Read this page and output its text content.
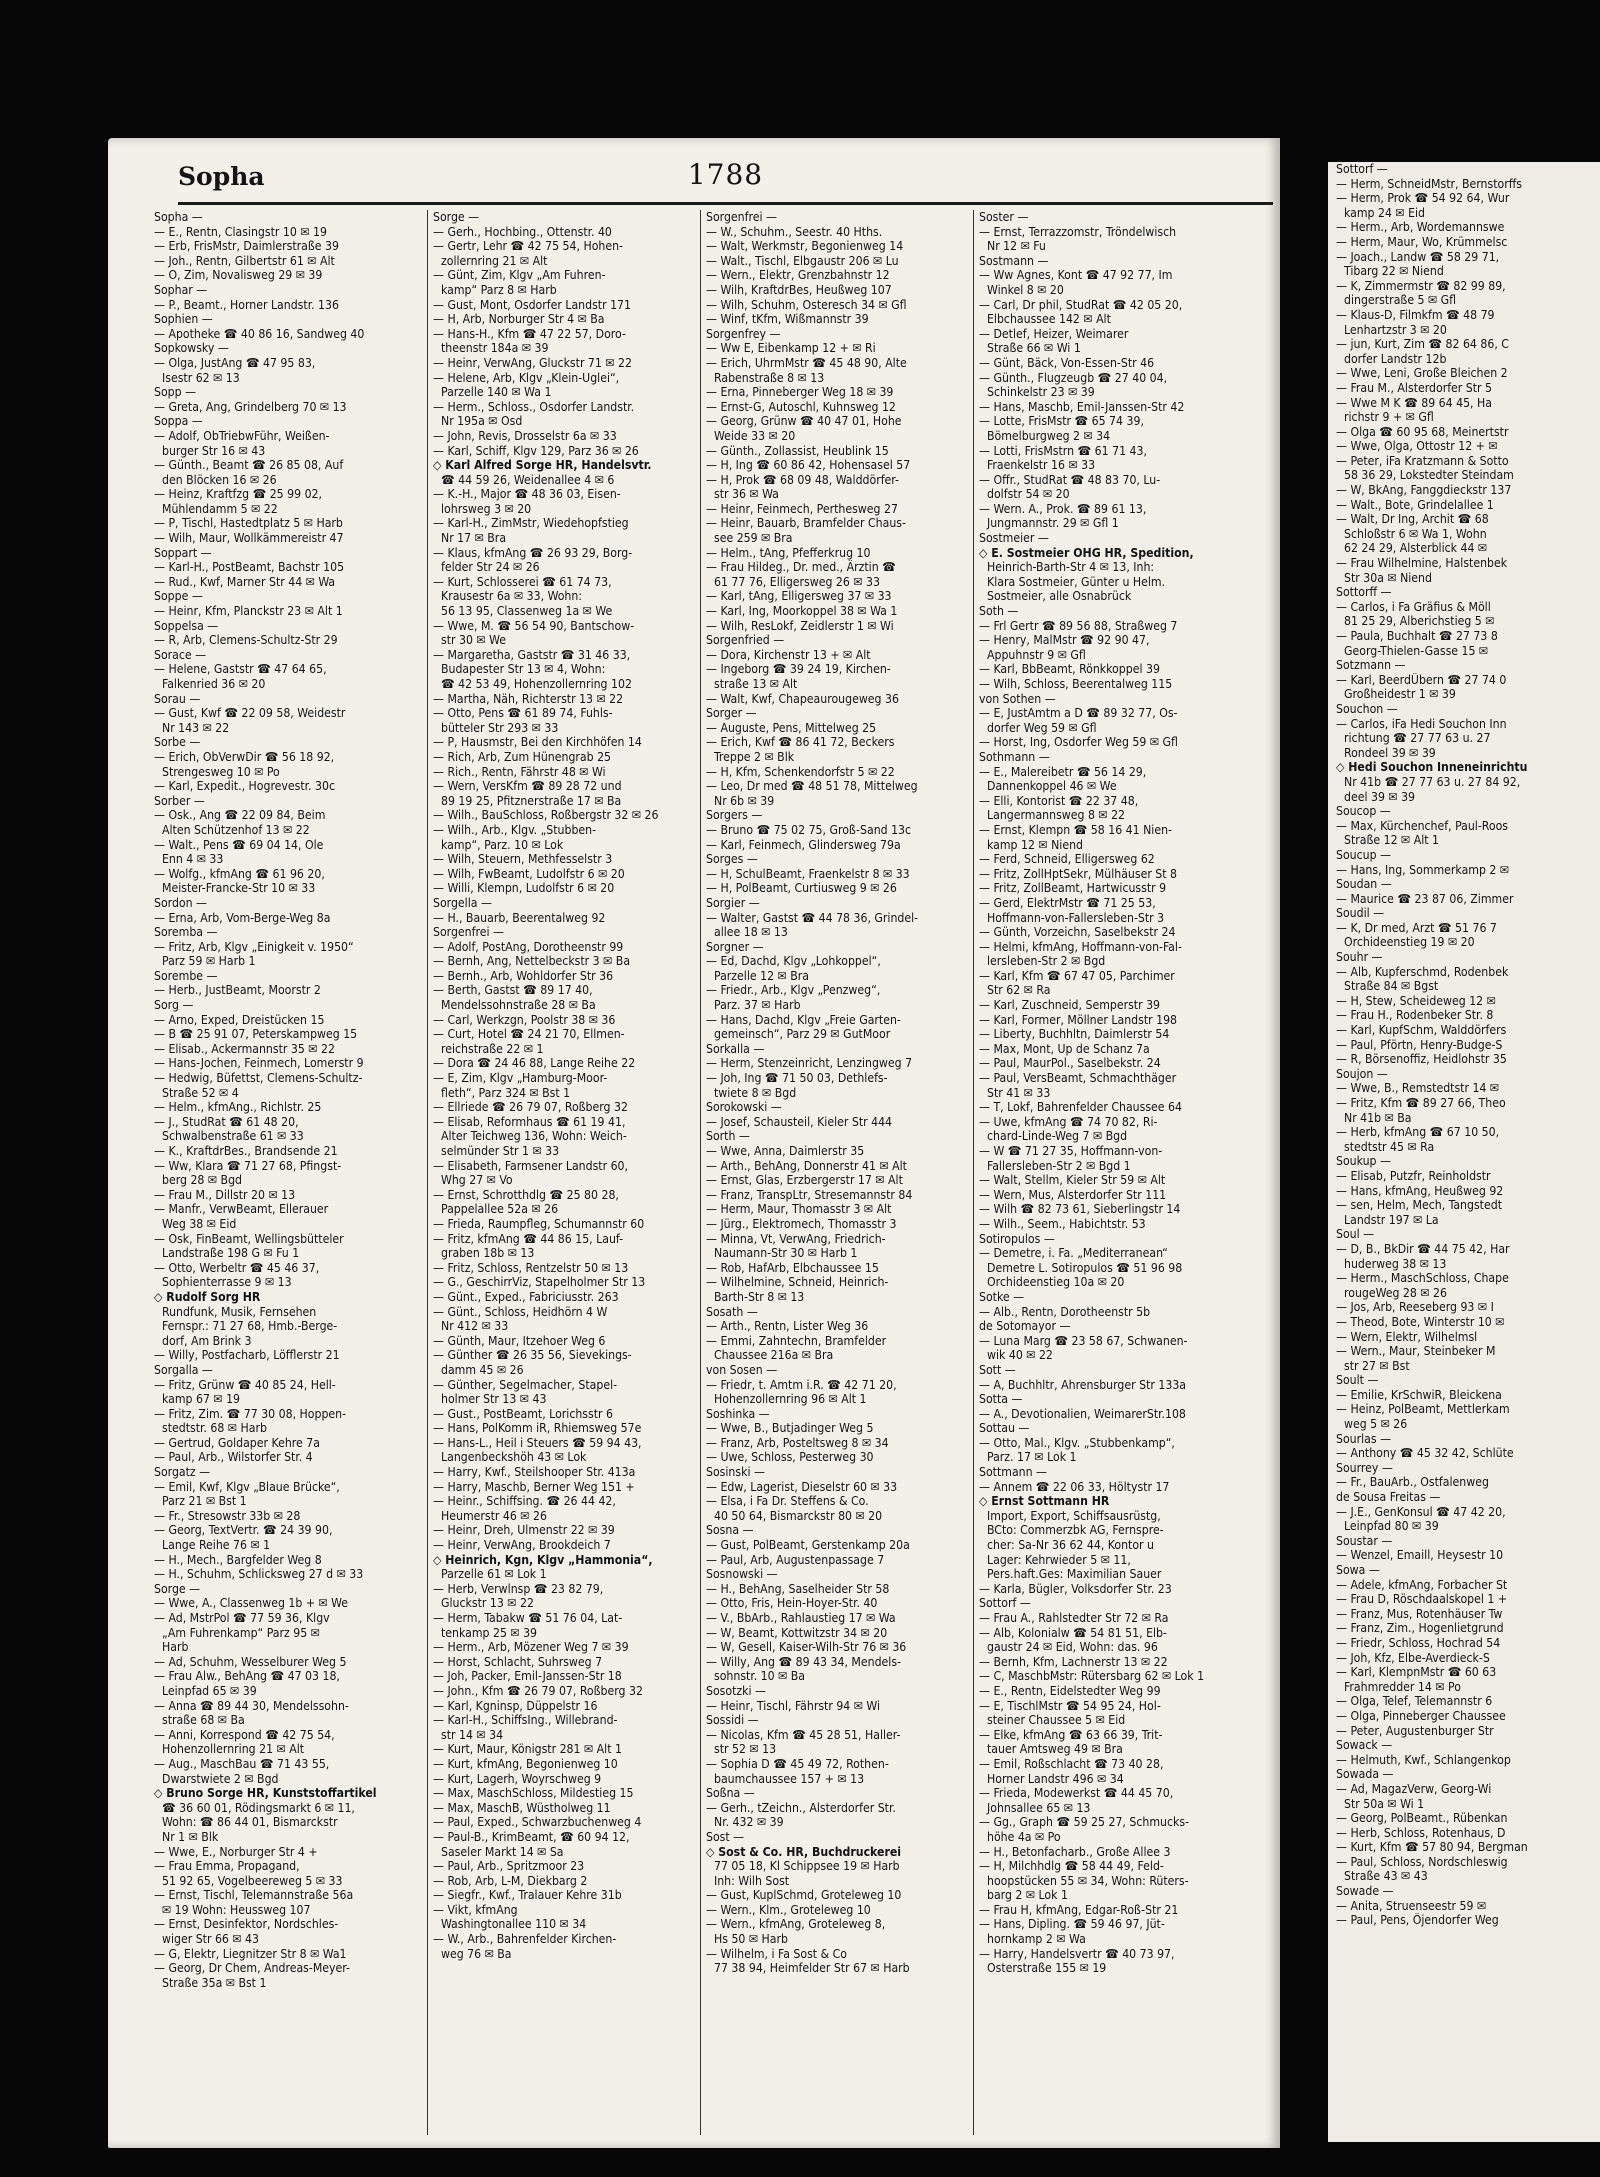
Sopha	1788
Sopha —
— E., Rentn, Clasingstr 10 ✉ 19
— Erb, FrisMstr, Daimlerstraße 39
— Joh., Rentn, Gilbertstr 61 ✉ Alt
— O, Zim, Novalisweg 29 ✉ 39
Sophar —
— P., Beamt., Horner Landstr. 136
Sophien —
— Apotheke ☎ 40 86 16, Sandweg 40
Sopkowsky —
— Olga, JustAng ☎ 47 95 83,
Isestr 62 ✉ 13
Sopp —
— Greta, Ang, Grindelberg 70 ✉ 13
Soppa —
— Adolf, ObTriebwFühr, Weißen-
burger Str 16 ✉ 43
— Günth., Beamt ☎ 26 85 08, Auf
den Blöcken 16 ✉ 26
— Heinz, Kraftfzg ☎ 25 99 02,
Mühlendamm 5 ✉ 22
— P, Tischl, Hastedtplatz 5 ✉ Harb
— Wilh, Maur, Wollkämmereistr 47
Soppart —
— Karl-H., PostBeamt, Bachstr 105
— Rud., Kwf, Marner Str 44 ✉ Wa
Soppe —
— Heinr, Kfm, Planckstr 23 ✉ Alt 1
Soppelsa —
— R, Arb, Clemens-Schultz-Str 29
Sorace —
— Helene, Gaststr ☎ 47 64 65,
Falkenried 36 ✉ 20
Sorau —
— Gust, Kwf ☎ 22 09 58, Weidestr
Nr 143 ✉ 22
Sorbe —
— Erich, ObVerwDir ☎ 56 18 92,
Strengesweg 10 ✉ Po
— Karl, Expedit., Hogrevestr. 30c
Sorber —
— Osk., Ang ☎ 22 09 84, Beim
Alten Schützenhof 13 ✉ 22
— Walt., Pens ☎ 69 04 14, Ole
Enn 4 ✉ 33
— Wolfg., kfmAng ☎ 61 96 20,
Meister-Francke-Str 10 ✉ 33
Sordon —
— Erna, Arb, Vom-Berge-Weg 8a
Soremba —
— Fritz, Arb, Klgv „Einigkeit v. 1950“
Parz 59 ✉ Harb 1
Sorembe —
— Herb., JustBeamt, Moorstr 2
Sorg —
— Arno, Exped, Dreistücken 15
— B ☎ 25 91 07, Peterskampweg 15
— Elisab., Ackermannstr 35 ✉ 22
— Hans-Jochen, Feinmech, Lomerstr 9
— Hedwig, Büfettst, Clemens-Schultz-
Straße 52 ✉ 4
— Helm., kfmAng., Richlstr. 25
— J., StudRat ☎ 61 48 20,
Schwalbenstraße 61 ✉ 33
— K., KraftdrBes., Brandsende 21
— Ww, Klara ☎ 71 27 68, Pfingst-
berg 28 ✉ Bgd
— Frau M., Dillstr 20 ✉ 13
— Manfr., VerwBeamt, Ellerauer
Weg 38 ✉ Eid
— Osk, FinBeamt, Wellingsbütteler
Landstraße 198 G ✉ Fu 1
— Otto, Werbeltr ☎ 45 46 37,
Sophienterrasse 9 ✉ 13
◇ Rudolf Sorg HR
Rundfunk, Musik, Fernsehen
Fernspr.: 71 27 68, Hmb.-Berge-
dorf, Am Brink 3
— Willy, Postfacharb, Löfflerstr 21
Sorgalla —
— Fritz, Grünw ☎ 40 85 24, Hell-
kamp 67 ✉ 19
— Fritz, Zim. ☎ 77 30 08, Hoppen-
stedtstr. 68 ✉ Harb
— Gertrud, Goldaper Kehre 7a
— Paul, Arb., Wilstorfer Str. 4
Sorgatz —
— Emil, Kwf, Klgv „Blaue Brücke“,
Parz 21 ✉ Bst 1
— Fr., Stresowstr 33b ✉ 28
— Georg, TextVertr. ☎ 24 39 90,
Lange Reihe 76 ✉ 1
— H., Mech., Bargfelder Weg 8
— H., Schuhm, Schlicksweg 27 d ✉ 33
Sorge —
— Wwe, A., Classenweg 1b + ✉ We
— Ad, MstrPol ☎ 77 59 36, Klgv
„Am Fuhrenkamp“ Parz 95 ✉
Harb
— Ad, Schuhm, Wesselburer Weg 5
— Frau Alw., BehAng ☎ 47 03 18,
Leinpfad 65 ✉ 39
— Anna ☎ 89 44 30, Mendelssohn-
straße 68 ✉ Ba
— Anni, Korrespond ☎ 42 75 54,
Hohenzollernring 21 ✉ Alt
— Aug., MaschBau ☎ 71 43 55,
Dwarstwiete 2 ✉ Bgd
◇ Bruno Sorge HR, Kunststoffartikel
☎ 36 60 01, Rödingsmarkt 6 ✉ 11,
Wohn: ☎ 86 44 01, Bismarckstr
Nr 1 ✉ Blk
— Wwe, E., Norburger Str 4 +
— Frau Emma, Propagand,
51 92 65, Vogelbeereweg 5 ✉ 33
— Ernst, Tischl, Telemannstraße 56a
✉ 19 Wohn: Heussweg 107
— Ernst, Desinfektor, Nordschles-
wiger Str 66 ✉ 43
— G, Elektr, Liegnitzer Str 8 ✉ Wa1
— Georg, Dr Chem, Andreas-Meyer-
Straße 35a ✉ Bst 1
Sorge —
— Gerh., Hochbing., Ottenstr. 40
— Gertr, Lehr ☎ 42 75 54, Hohen-
zollernring 21 ✉ Alt
— Günt, Zim, Klgv „Am Fuhren-
kamp“ Parz 8 ✉ Harb
— Gust, Mont, Osdorfer Landstr 171
— H, Arb, Norburger Str 4 ✉ Ba
— Hans-H., Kfm ☎ 47 22 57, Doro-
theenstr 184a ✉ 39
— Heinr, VerwAng, Gluckstr 71 ✉ 22
— Helene, Arb, Klgv „Klein-Uglei“,
Parzelle 140 ✉ Wa 1
— Herm., Schloss., Osdorfer Landstr.
Nr 195a ✉ Osd
— John, Revis, Drosselstr 6a ✉ 33
— Karl, Schiff, Klgv 129, Parz 36 ✉ 26
◇ Karl Alfred Sorge HR, Handelsvtr.
☎ 44 59 26, Weidenallee 4 ✉ 6
— K.-H., Major ☎ 48 36 03, Eisen-
lohrsweg 3 ✉ 20
— Karl-H., ZimMstr, Wiedehopfstieg
Nr 17 ✉ Bra
— Klaus, kfmAng ☎ 26 93 29, Borg-
felder Str 24 ✉ 26
— Kurt, Schlosserei ☎ 61 74 73,
Krausestr 6a ✉ 33, Wohn:
56 13 95, Classenweg 1a ✉ We
— Wwe, M. ☎ 56 54 90, Bantschow-
str 30 ✉ We
— Margaretha, Gaststr ☎ 31 46 33,
Budapester Str 13 ✉ 4, Wohn:
☎ 42 53 49, Hohenzollernring 102
— Martha, Näh, Richterstr 13 ✉ 22
— Otto, Pens ☎ 61 89 74, Fuhls-
bütteler Str 293 ✉ 33
— P, Hausmstr, Bei den Kirchhöfen 14
— Rich, Arb, Zum Hünengrab 25
— Rich., Rentn, Fährstr 48 ✉ Wi
— Wern, VersKfm ☎ 89 28 72 und
89 19 25, Pfitznerstraße 17 ✉ Ba
— Wilh., BauSchloss, Roßbergstr 32 ✉ 26
— Wilh., Arb., Klgv. „Stubben-
kamp“, Parz. 10 ✉ Lok
— Wilh, Steuern, Methfesselstr 3
— Wilh, FwBeamt, Ludolfstr 6 ✉ 20
— Willi, Klempn, Ludolfstr 6 ✉ 20
Sorgella —
— H., Bauarb, Beerentalweg 92
Sorgenfrei —
— Adolf, PostAng, Dorotheenstr 99
— Bernh, Ang, Nettelbeckstr 3 ✉ Ba
— Bernh., Arb, Wohldorfer Str 36
— Berth, Gastst ☎ 89 17 40,
Mendelssohnstraße 28 ✉ Ba
— Carl, Werkzgn, Poolstr 38 ✉ 36
— Curt, Hotel ☎ 24 21 70, Ellmen-
reichstraße 22 ✉ 1
— Dora ☎ 24 46 88, Lange Reihe 22
— E, Zim, Klgv „Hamburg-Moor-
fleth“, Parz 324 ✉ Bst 1
— Ellriede ☎ 26 79 07, Roßberg 32
— Elisab, Reformhaus ☎ 61 19 41,
Alter Teichweg 136, Wohn: Weich-
selmünder Str 1 ✉ 33
— Elisabeth, Farmsener Landstr 60,
Whg 27 ✉ Vo
— Ernst, Schrotthdlg ☎ 25 80 28,
Pappelallee 52a ✉ 26
— Frieda, Raumpfleg, Schumannstr 60
— Fritz, kfmAng ☎ 44 86 15, Lauf-
graben 18b ✉ 13
— Fritz, Schloss, Rentzelstr 50 ✉ 13
— G., GeschirrViz, Stapelholmer Str 13
— Günt., Exped., Fabriciusstr. 263
— Günt., Schloss, Heidhörn 4 W
Nr 412 ✉ 33
— Günth, Maur, Itzehoer Weg 6
— Günther ☎ 26 35 56, Sievekings-
damm 45 ✉ 26
— Günther, Segelmacher, Stapel-
holmer Str 13 ✉ 43
— Gust., PostBeamt, Lorichsstr 6
— Hans, PolKomm iR, Rhiemsweg 57e
— Hans-L., Heil i Steuers ☎ 59 94 43,
Langenbeckshöh 43 ✉ Lok
— Harry, Kwf., Steilshooper Str. 413a
— Harry, Maschb, Berner Weg 151 +
— Heinr., Schiffsing. ☎ 26 44 42,
Heumerstr 46 ✉ 26
— Heinr, Dreh, Ulmenstr 22 ✉ 39
— Heinr, VerwAng, Brookdeich 7
◇ Heinrich, Kgn, Klgv „Hammonia“,
Parzelle 61 ✉ Lok 1
— Herb, Verwlnsp ☎ 23 82 79,
Gluckstr 13 ✉ 22
— Herm, Tabakw ☎ 51 76 04, Lat-
tenkamp 25 ✉ 39
— Herm., Arb, Mözener Weg 7 ✉ 39
— Horst, Schlacht, Suhrsweg 7
— Joh, Packer, Emil-Janssen-Str 18
— John., Kfm ☎ 26 79 07, Roßberg 32
— Karl, Kgninsp, Düppelstr 16
— Karl-H., SchiffsIng., Willebrand-
str 14 ✉ 34
— Kurt, Maur, Königstr 281 ✉ Alt 1
— Kurt, kfmAng, Begonienweg 10
— Kurt, Lagerh, Woyrschweg 9
— Max, MaschSchloss, Mildestieg 15
— Max, MaschB, Wüstholweg 11
— Paul, Exped., Schwarzbuchenweg 4
— Paul-B., KrimBeamt, ☎ 60 94 12,
Saseler Markt 14 ✉ Sa
— Paul, Arb., Spritzmoor 23
— Rob, Arb, L-M, Diekbarg 2
— Siegfr., Kwf., Tralauer Kehre 31b
— Vikt, kfmAng
Washingtonallee 110 ✉ 34
— W., Arb., Bahrenfelder Kirchen-
weg 76 ✉ Ba
Sorgenfrei —
— W., Schuhm., Seestr. 40 Hths.
— Walt, Werkmstr, Begonienweg 14
— Walt., Tischl, Elbgaustr 206 ✉ Lu
— Wern., Elektr, Grenzbahnstr 12
— Wilh, KraftdrBes, Heußweg 107
— Wilh, Schuhm, Osteresch 34 ✉ Gfl
— Winf, tKfm, Wißmannstr 39
Sorgenfrey —
— Ww E, Eibenkamp 12 + ✉ Ri
— Erich, UhrmMstr ☎ 45 48 90, Alte
Rabenstraße 8 ✉ 13
— Erna, Pinneberger Weg 18 ✉ 39
— Ernst-G, Autoschl, Kuhnsweg 12
— Georg, Grünw ☎ 40 47 01, Hohe
Weide 33 ✉ 20
— Günth., Zollassist, Heublink 15
— H, Ing ☎ 60 86 42, Hohensasel 57
— H, Prok ☎ 68 09 48, Walddörfer-
str 36 ✉ Wa
— Heinr, Feinmech, Perthesweg 27
— Heinr, Bauarb, Bramfelder Chaus-
see 259 ✉ Bra
— Helm., tAng, Pfefferkrug 10
— Frau Hildeg., Dr. med., Ärztin ☎
61 77 76, Elligersweg 26 ✉ 33
— Karl, tAng, Elligersweg 37 ✉ 33
— Karl, Ing, Moorkoppel 38 ✉ Wa 1
— Wilh, ResLokf, Zeidlerstr 1 ✉ Wi
Sorgenfried —
— Dora, Kirchenstr 13 + ✉ Alt
— Ingeborg ☎ 39 24 19, Kirchen-
straße 13 ✉ Alt
— Walt, Kwf, Chapeaurougeweg 36
Sorger —
— Auguste, Pens, Mittelweg 25
— Erich, Kwf ☎ 86 41 72, Beckers
Treppe 2 ✉ Blk
— H, Kfm, Schenkendorfstr 5 ✉ 22
— Leo, Dr med ☎ 48 51 78, Mittelweg
Nr 6b ✉ 39
Sorgers —
— Bruno ☎ 75 02 75, Groß-Sand 13c
— Karl, Feinmech, Glindersweg 79a
Sorges —
— H, SchulBeamt, Fraenkelstr 8 ✉ 33
— H, PolBeamt, Curtiusweg 9 ✉ 26
Sorgier —
— Walter, Gastst ☎ 44 78 36, Grindel-
allee 18 ✉ 13
Sorgner —
— Ed, Dachd, Klgv „Lohkoppel“,
Parzelle 12 ✉ Bra
— Friedr., Arb., Klgv „Penzweg“,
Parz. 37 ✉ Harb
— Hans, Dachd, Klgv „Freie Garten-
gemeinsch“, Parz 29 ✉ GutMoor
Sorkalla —
— Herm, Stenzeinricht, Lenzingweg 7
— Joh, Ing ☎ 71 50 03, Dethlefs-
twiete 8 ✉ Bgd
Sorokowski —
— Josef, Schausteil, Kieler Str 444
Sorth —
— Wwe, Anna, Daimlerstr 35
— Arth., BehAng, Donnerstr 41 ✉ Alt
— Ernst, Glas, Erzbergerstr 17 ✉ Alt
— Franz, TranspLtr, Stresemannstr 84
— Herm, Maur, Thomasstr 3 ✉ Alt
— Jürg., Elektromech, Thomasstr 3
— Minna, Vt, VerwAng, Friedrich-
Naumann-Str 30 ✉ Harb 1
— Rob, HafArb, Elbchaussee 15
— Wilhelmine, Schneid, Heinrich-
Barth-Str 8 ✉ 13
Sosath —
— Arth., Rentn, Lister Weg 36
— Emmi, Zahntechn, Bramfelder
Chaussee 216a ✉ Bra
von Sosen —
— Friedr, t. Amtm i.R. ☎ 42 71 20,
Hohenzollernring 96 ✉ Alt 1
Soshinka —
— Wwe, B., Butjadinger Weg 5
— Franz, Arb, Posteltsweg 8 ✉ 34
— Uwe, Schloss, Pesterweg 30
Sosinski —
— Edw, Lagerist, Dieselstr 60 ✉ 33
— Elsa, i Fa Dr. Steffens & Co.
40 50 64, Bismarckstr 80 ✉ 20
Sosna —
— Gust, PolBeamt, Gerstenkamp 20a
— Paul, Arb, Augustenpassage 7
Sosnowski —
— H., BehAng, Saselheider Str 58
— Otto, Fris, Hein-Hoyer-Str. 40
— V., BbArb., Rahlaustieg 17 ✉ Wa
— W, Beamt, Kottwitzstr 34 ✉ 20
— W, Gesell, Kaiser-Wilh-Str 76 ✉ 36
— Willy, Ang ☎ 89 43 34, Mendels-
sohnstr. 10 ✉ Ba
Sosotzki —
— Heinr, Tischl, Fährstr 94 ✉ Wi
Sossidi —
— Nicolas, Kfm ☎ 45 28 51, Haller-
str 52 ✉ 13
— Sophia D ☎ 45 49 72, Rothen-
baumchaussee 157 + ✉ 13
Soßna —
— Gerh., tZeichn., Alsterdorfer Str.
Nr. 432 ✉ 39
Sost —
◇ Sost & Co. HR, Buchdruckerei
77 05 18, Kl Schippsee 19 ✉ Harb
Inh: Wilh Sost
— Gust, KuplSchmd, Groteleweg 10
— Wern., Klm., Groteleweg 10
— Wern., kfmAng, Groteleweg 8,
Hs 50 ✉ Harb
— Wilhelm, i Fa Sost & Co
77 38 94, Heimfelder Str 67 ✉ Harb
Soster —
— Ernst, Terrazzomstr, Tröndelwisch
Nr 12 ✉ Fu
Sostmann —
— Ww Agnes, Kont ☎ 47 92 77, Im
Winkel 8 ✉ 20
— Carl, Dr phil, StudRat ☎ 42 05 20,
Elbchaussee 142 ✉ Alt
— Detlef, Heizer, Weimarer
Straße 66 ✉ Wi 1
— Günt, Bäck, Von-Essen-Str 46
— Günth., Flugzeugb ☎ 27 40 04,
Schinkelstr 23 ✉ 39
— Hans, Maschb, Emil-Janssen-Str 42
— Lotte, FrisMstr ☎ 65 74 39,
Bömelburgweg 2 ✉ 34
— Lotti, FrisMstrn ☎ 61 71 43,
Fraenkelstr 16 ✉ 33
— Offr., StudRat ☎ 48 83 70, Lu-
dolfstr 54 ✉ 20
— Wern. A., Prok. ☎ 89 61 13,
Jungmannstr. 29 ✉ Gfl 1
Sostmeier —
◇ E. Sostmeier OHG HR, Spedition,
Heinrich-Barth-Str 4 ✉ 13, Inh:
Klara Sostmeier, Günter u Helm.
Sostmeier, alle Osnabrück
Soth —
— Frl Gertr ☎ 89 56 88, Straßweg 7
— Henry, MalMstr ☎ 92 90 47,
Appuhnstr 9 ✉ Gfl
— Karl, BbBeamt, Rönkkoppel 39
— Wilh, Schloss, Beerentalweg 115
von Sothen —
— E, JustAmtm a D ☎ 89 32 77, Os-
dorfer Weg 59 ✉ Gfl
— Horst, Ing, Osdorfer Weg 59 ✉ Gfl
Sothmann —
— E., Malereibetr ☎ 56 14 29,
Dannenkoppel 46 ✉ We
— Elli, Kontorist ☎ 22 37 48,
Langermannsweg 8 ✉ 22
— Ernst, Klempn ☎ 58 16 41 Nien-
kamp 12 ✉ Niend
— Ferd, Schneid, Elligersweg 62
— Fritz, ZollHptSekr, Mülhäuser St 8
— Fritz, ZollBeamt, Hartwicusstr 9
— Gerd, ElektrMstr ☎ 71 25 53,
Hoffmann-von-Fallersleben-Str 3
— Günth, Vorzeichn, Saselbekstr 24
— Helmi, kfmAng, Hoffmann-von-Fal-
lersleben-Str 2 ✉ Bgd
— Karl, Kfm ☎ 67 47 05, Parchimer
Str 62 ✉ Ra
— Karl, Zuschneid, Semperstr 39
— Karl, Former, Möllner Landstr 198
— Liberty, Buchhltn, Daimlerstr 54
— Max, Mont, Up de Schanz 7a
— Paul, MaurPol., Saselbekstr. 24
— Paul, VersBeamt, Schmachthäger
Str 41 ✉ 33
— T, Lokf, Bahrenfelder Chaussee 64
— Uwe, kfmAng ☎ 74 70 82, Ri-
chard-Linde-Weg 7 ✉ Bgd
— W ☎ 71 27 35, Hoffmann-von-
Fallersleben-Str 2 ✉ Bgd 1
— Walt, Stellm, Kieler Str 59 ✉ Alt
— Wern, Mus, Alsterdorfer Str 111
— Wilh ☎ 82 73 61, Sieberlingstr 14
— Wilh., Seem., Habichtstr. 53
Sotiropulos —
— Demetre, i. Fa. „Mediterranean“
Demetre L. Sotiropulos ☎ 51 96 98
Orchideenstieg 10a ✉ 20
Sotke —
— Alb., Rentn, Dorotheenstr 5b
de Sotomayor —
— Luna Marg ☎ 23 58 67, Schwanen-
wik 40 ✉ 22
Sott —
— A, Buchhltr, Ahrensburger Str 133a
Sotta —
— A., Devotionalien, WeimarerStr.108
Sottau —
— Otto, Mal., Klgv. „Stubbenkamp“,
Parz. 17 ✉ Lok 1
Sottmann —
— Annem ☎ 22 06 33, Höltystr 17
◇ Ernst Sottmann HR
Import, Export, Schiffsausrüstg,
BCto: Commerzbk AG, Fernspre-
cher: Sa-Nr 36 62 44, Kontor u
Lager: Kehrwieder 5 ✉ 11,
Pers.haft.Ges: Maximilian Sauer
— Karla, Bügler, Volksdorfer Str. 23
Sottorf —
— Frau A., Rahlstedter Str 72 ✉ Ra
— Alb, Kolonialw ☎ 54 81 51, Elb-
gaustr 24 ✉ Eid, Wohn: das. 96
— Bernh, Kfm, Lachnerstr 13 ✉ 22
— C, MaschbMstr: Rütersbarg 62 ✉ Lok 1
— E., Rentn, Eidelstedter Weg 99
— E, TischlMstr ☎ 54 95 24, Hol-
steiner Chaussee 5 ✉ Eid
— Elke, kfmAng ☎ 63 66 39, Trit-
tauer Amtsweg 49 ✉ Bra
— Emil, Roßschlacht ☎ 73 40 28,
Horner Landstr 496 ✉ 34
— Frieda, Modewerkst ☎ 44 45 70,
Johnsallee 65 ✉ 13
— Gg., Graph ☎ 59 25 27, Schmucks-
höhe 4a ✉ Po
— H., Betonfacharb., Große Allee 3
— H, Milchhdlg ☎ 58 44 49, Feld-
hoopstücken 55 ✉ 34, Wohn: Rüters-
barg 2 ✉ Lok 1
— Frau H, kfmAng, Edgar-Roß-Str 21
— Hans, Dipling. ☎ 59 46 97, Jüt-
hornkamp 2 ✉ Wa
— Harry, Handelsvertr ☎ 40 73 97,
Osterstraße 155 ✉ 19
Sottorf —
— Herm, SchneidMstr, Bernstorffs
— Herm, Prok ☎ 54 92 64, Wur
kamp 24 ✉ Eid
— Herm., Arb, Wordemannswe
— Herm, Maur, Wo, Krümmelsc
— Joach., Landw ☎ 58 29 71,
Tibarg 22 ✉ Niend
— K, Zimmermstr ☎ 82 99 89,
dingerstraße 5 ✉ Gfl
— Klaus-D, Filmkfm ☎ 48 79
Lenhartzstr 3 ✉ 20
— jun, Kurt, Zim ☎ 82 64 86, C
dorfer Landstr 12b
— Wwe, Leni, Große Bleichen 2
— Frau M., Alsterdorfer Str 5
— Wwe M K ☎ 89 64 45, Ha
richstr 9 + ✉ Gfl
— Olga ☎ 60 95 68, Meinertstr
— Wwe, Olga, Ottostr 12 + ✉
— Peter, iFa Kratzmann & Sotto
58 36 29, Lokstedter Steindam
— W, BkAng, Fanggdieckstr 137
— Walt., Bote, Grindelallee 1
— Walt, Dr Ing, Archit ☎ 68
Schloßstr 6 ✉ Wa 1, Wohn
62 24 29, Alsterblick 44 ✉
— Frau Wilhelmine, Halstenbek
Str 30a ✉ Niend
Sottorff —
— Carlos, i Fa Gräfius & Möll
81 25 29, Alberichstieg 5 ✉
— Paula, Buchhalt ☎ 27 73 8
Georg-Thielen-Gasse 15 ✉
Sotzmann —
— Karl, BeerdÜbern ☎ 27 74 0
Großheidestr 1 ✉ 39
Souchon —
— Carlos, iFa Hedi Souchon Inn
richtung ☎ 27 77 63 u. 27
Rondeel 39 ✉ 39
◇ Hedi Souchon Inneneinrichtu
Nr 41b ☎ 27 77 63 u. 27 84 92,
deel 39 ✉ 39
Soucop —
— Max, Kürchenchef, Paul-Roos
Straße 12 ✉ Alt 1
Soucup —
— Hans, Ing, Sommerkamp 2 ✉
Soudan —
— Maurice ☎ 23 87 06, Zimmer
Soudil —
— K, Dr med, Arzt ☎ 51 76 7
Orchideenstieg 19 ✉ 20
Souhr —
— Alb, Kupferschmd, Rodenbek
Straße 84 ✉ Bgst
— H, Stew, Scheideweg 12 ✉
— Frau H., Rodenbeker Str. 8
— Karl, KupfSchm, Walddörfers
— Paul, Pförtn, Henry-Budge-S
— R, Börsenoffiz, Heidlohstr 35
Soujon —
— Wwe, B., Remstedtstr 14 ✉
— Fritz, Kfm ☎ 89 27 66, Theo
Nr 41b ✉ Ba
— Herb, kfmAng ☎ 67 10 50,
stedtstr 45 ✉ Ra
Soukup —
— Elisab, Putzfr, Reinholdstr
— Hans, kfmAng, Heußweg 92
— sen, Helm, Mech, Tangstedt
Landstr 197 ✉ La
Soul —
— D, B., BkDir ☎ 44 75 42, Har
huderweg 38 ✉ 13
— Herm., MaschSchloss, Chape
rougeWeg 28 ✉ 26
— Jos, Arb, Reeseberg 93 ✉ I
— Theod, Bote, Winterstr 10 ✉
— Wern, Elektr, Wilhelmsl
— Wern., Maur, Steinbeker M
str 27 ✉ Bst
Soult —
— Emilie, KrSchwiR, Bleickena
— Heinz, PolBeamt, Mettlerkam
weg 5 ✉ 26
Sourlas —
— Anthony ☎ 45 32 42, Schlüte
Sourrey —
— Fr., BauArb., Ostfalenweg
de Sousa Freitas —
— J.E., GenKonsul ☎ 47 42 20,
Leinpfad 80 ✉ 39
Soustar —
— Wenzel, Emaill, Heysestr 10
Sowa —
— Adele, kfmAng, Forbacher St
— Frau D, Röschdaalskopel 1 +
— Franz, Mus, Rotenhäuser Tw
— Franz, Zim., Hogenlietgrund
— Friedr, Schloss, Hochrad 54
— Joh, Kfz, Elbe-Averdieck-S
— Karl, KlempnMstr ☎ 60 63
Frahmredder 14 ✉ Po
— Olga, Telef, Telemannstr 6
— Olga, Pinneberger Chaussee
— Peter, Augustenburger Str
Sowack —
— Helmuth, Kwf., Schlangenkop
Sowada —
— Ad, MagazVerw, Georg-Wi
Str 50a ✉ Wi 1
— Georg, PolBeamt., Rübenkan
— Herb, Schloss, Rotenhaus, D
— Kurt, Kfm ☎ 57 80 94, Bergman
— Paul, Schloss, Nordschleswig
Straße 43 ✉ 43
Sowade —
— Anita, Struenseestr 59 ✉
— Paul, Pens, Öjendorfer Weg
